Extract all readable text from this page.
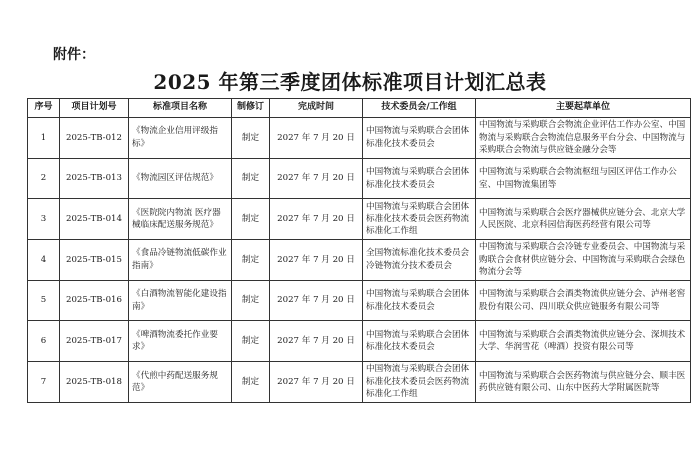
附件：
2025 年第三季度团体标准项目计划汇总表
序号	项目计划号	标准项目名称	制修订	完成时间	技术委员会/工作组	主要起草单位
1	2025-TB-012	《物流企业信用评级指标》	制定	2027 年 7 月 20 日	中国物流与采购联合会团体标准化技术委员会	中国物流与采购联合会物流企业评估工作办公室、中国物流与采购联合会物流信息服务平台分会、中国物流与采购联合会物流与供应链金融分会等
2	2025-TB-013	《物流园区评估规范》	制定	2027 年 7 月 20 日	中国物流与采购联合会团体标准化技术委员会	中国物流与采购联合会物流枢纽与园区评估工作办公室、中国物流集团等
3	2025-TB-014	《医院院内物流 医疗器械临床配送服务规范》	制定	2027 年 7 月 20 日	中国物流与采购联合会团体标准化技术委员会医药物流标准化工作组	中国物流与采购联合会医疗器械供应链分会、北京大学人民医院、北京科园信海医药经营有限公司等
4	2025-TB-015	《食品冷链物流低碳作业指南》	制定	2027 年 7 月 20 日	全国物流标准化技术委员会冷链物流分技术委员会	中国物流与采购联合会冷链专业委员会、中国物流与采购联合会食材供应链分会、中国物流与采购联合会绿色物流分会等
5	2025-TB-016	《白酒物流智能化建设指南》	制定	2027 年 7 月 20 日	中国物流与采购联合会团体标准化技术委员会	中国物流与采购联合会酒类物流供应链分会、泸州老窖股份有限公司、四川联众供应链服务有限公司等
6	2025-TB-017	《啤酒物流委托作业要求》	制定	2027 年 7 月 20 日	中国物流与采购联合会团体标准化技术委员会	中国物流与采购联合会酒类物流供应链分会、深圳技术大学、华润雪花（啤酒）投资有限公司等
7	2025-TB-018	《代煎中药配送服务规范》	制定	2027 年 7 月 20 日	中国物流与采购联合会团体标准化技术委员会医药物流标准化工作组	中国物流与采购联合会医药物流与供应链分会、顺丰医药供应链有限公司、山东中医药大学附属医院等
